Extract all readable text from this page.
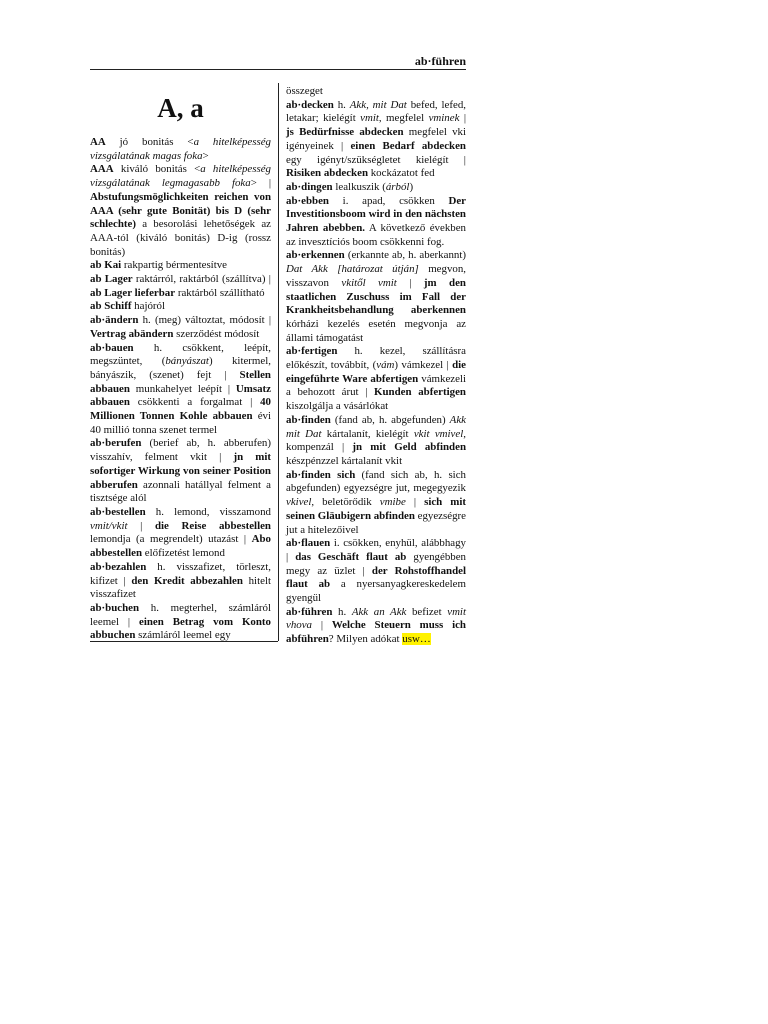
ab·führen
A, a

AA jó bonitás <a hitelképesség vizsgálatának magas foka>

AAA kiváló bonitás <a hitelképesség vizsgálatának legmagasabb foka> | Abstufungsmöglichkeiten reichen von AAA (sehr gute Bonität) bis D (sehr schlechte) a besorolási lehetőségek az AAA-tól (kiváló bonitás) D-ig (rossz bonitás)

ab Kai rakpartig bérmentesítve

ab Lager raktárról, raktárból (szállítva) | ab Lager lieferbar raktárból szállítható

ab Schiff hajóról

ab·ändern h. (meg) változtat, módosít | Vertrag abändern szerződést módosít

ab·bauen h. csökkent, leépít, megszüntet, (bányászat) kitermel, bányászik, (szenet) fejt | Stellen abbauen munkahelyet leépít | Umsatz abbauen csökkenti a forgalmat | 40 Millionen Tonnen Kohle abbauen évi 40 millió tonna szenet termel

ab·berufen (berief ab, h. abberufen) visszahív, felment vkit | jn mit sofortiger Wirkung von seiner Position abberufen azonnali hatállyal felment a tisztsége alól

ab·bestellen h. lemond, visszamond vmit/vkit | die Reise abbestellen lemondja (a megrendelt) utazást | Abo abbestellen előfizetést lemond

ab·bezahlen h. visszafizet, törleszt, kifizet | den Kredit abbezahlen hitelt visszafizet

ab·buchen h. megterhel, számláról leemel | einen Betrag vom Konto abbuchen számláról leemel egy

összeget

ab·decken h. Akk, mit Dat befed, lefed, letakar; kielégít vmit, megfelel vminek | js Bedürfnisse abdecken megfelel vki igényeinek | einen Bedarf abdecken egy igényt/szükségletet kielégít | Risiken abdecken kockázatot fed

ab·dingen lealkuszik (árból)

ab·ebben i. apad, csökken Der Investitionsboom wird in den nächsten Jahren abebben. A következő években az invesztíciós boom csökkenni fog.

ab·erkennen (erkannte ab, h. aberkannt) Dat Akk [határozat útján] megvon, visszavon vkitől vmit | jm den staatlichen Zuschuss im Fall der Krankheitsbehandlung aberkennen kórházi kezelés esetén megvonja az állami támogatást

ab·fertigen h. kezel, szállításra előkészít, továbbít, (vám) vámkezel | die eingeführte Ware abfertigen vámkezeli a behozott árut | Kunden abfertigen kiszolgálja a vásárlókat

ab·finden (fand ab, h. abgefunden) Akk mit Dat kártalanít, kielégít vkit vmivel, kompenzál | jn mit Geld abfinden készpénzzel kártalanít vkit

ab·finden sich (fand sich ab, h. sich abgefunden) egyezségre jut, megegyezik vkivel, beletörődik vmibe | sich mit seinen Gläubigern abfinden egyezségre jut a hitelezőivel

ab·flauen i. csökken, enyhül, alábbhagy | das Geschäft flaut ab gyengébben megy az üzlet | der Rohstoffhandel flaut ab a nyersanyagkereskedelem gyengül

ab·führen h. Akk an Akk befizet vmit vhova | Welche Steuern muss ich abführen? Milyen adókat usw…
